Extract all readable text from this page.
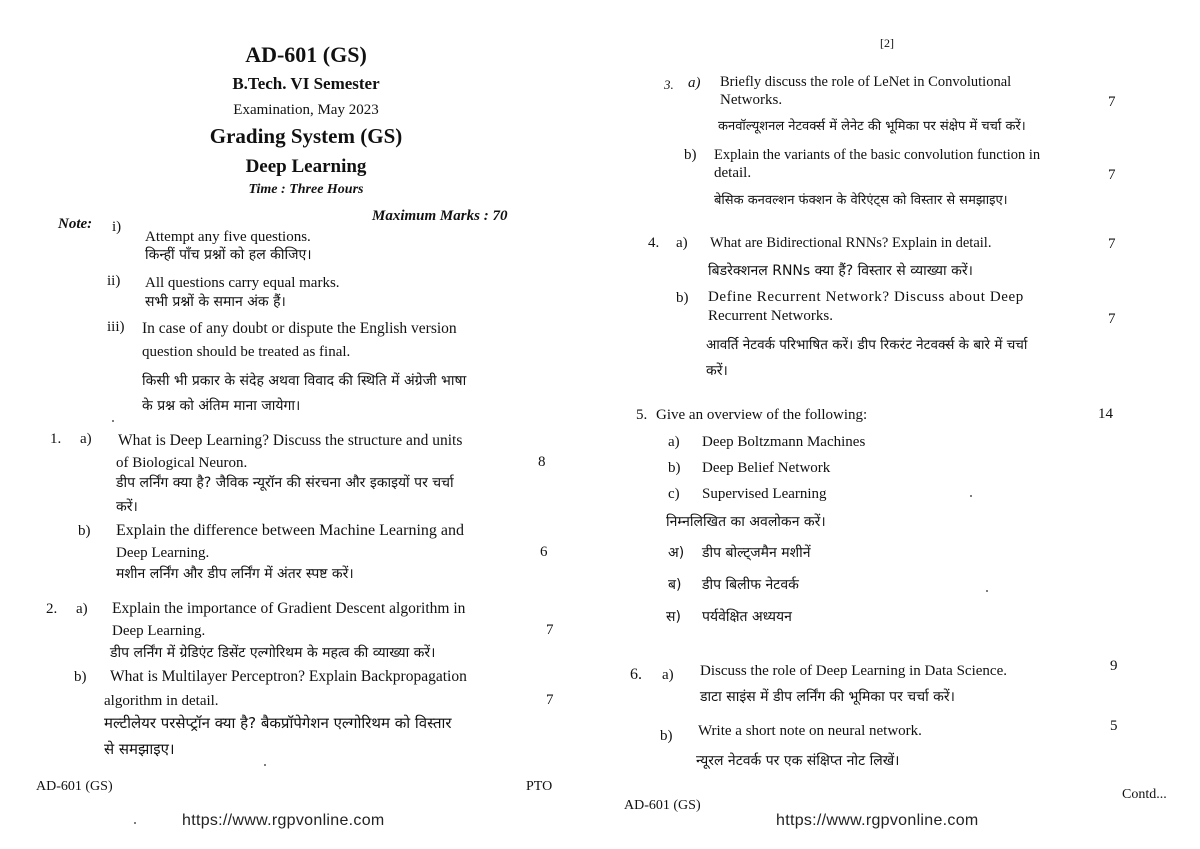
AD-601 (GS)
B.Tech. VI Semester
Examination, May 2023
Grading System (GS)
Deep Learning
Time : Three Hours
Maximum Marks : 70
Note: i)
Attempt any five questions.
किन्हीं पाँच प्रश्नों को हल कीजिए।
ii) All questions carry equal marks.
सभी प्रश्नों के समान अंक हैं।
iii) In case of any doubt or dispute the English version
question should be treated as final.
किसी भी प्रकार के संदेह अथवा विवाद की स्थिति में अंग्रेजी भाषा
के प्रश्न को अंतिम माना जायेगा।
1. a) What is Deep Learning? Discuss the structure and units
of Biological Neuron.	8
डीप लर्निंग क्या है? जैविक न्यूरॉन की संरचना और इकाइयों पर चर्चा
करें।
b) Explain the difference between Machine Learning and
Deep Learning.	6
मशीन लर्निंग और डीप लर्निंग में अंतर स्पष्ट करें।
2. a) Explain the importance of Gradient Descent algorithm in
Deep Learning.	7
डीप लर्निंग में ग्रेडिएंट डिसेंट एल्गोरिथम के महत्व की व्याख्या करें।
b) What is Multilayer Perceptron? Explain Backpropagation
algorithm in detail.	7
मल्टीलेयर परसेप्ट्रॉन क्या है? बैकप्रॉपेगेशन एल्गोरिथम को विस्तार
से समझाइए।
AD-601 (GS)	PTO
https://www.rgpvonline.com
[2]
3. a) Briefly discuss the role of LeNet in Convolutional
Networks.	7
कनवॉल्यूशनल नेटवर्क्स में लेनेट की भूमिका पर संक्षेप में चर्चा करें।
b) Explain the variants of the basic convolution function in
detail.	7
बेसिक कनवल्शन फंक्शन के वेरिएंट्स को विस्तार से समझाइए।
4. a) What are Bidirectional RNNs? Explain in detail.	7
बिडरेक्शनल RNNs क्या हैं? विस्तार से व्याख्या करें।
b) Define Recurrent Network? Discuss about Deep
Recurrent Networks.	7
आवर्ति नेटवर्क परिभाषित करें। डीप रिकरंट नेटवर्क्स के बारे में चर्चा
करें।
5. Give an overview of the following:	14
a) Deep Boltzmann Machines
b) Deep Belief Network
c) Supervised Learning
निम्नलिखित का अवलोकन करें।
अ) डीप बोल्ट्जमैन मशीनें
ब) डीप बिलीफ नेटवर्क
स) पर्यवेक्षित अध्ययन
6. a) Discuss the role of Deep Learning in Data Science.	9
डाटा साइंस में डीप लर्निंग की भूमिका पर चर्चा करें।
b) Write a short note on neural network.	5
न्यूरल नेटवर्क पर एक संक्षिप्त नोट लिखें।
Contd...
AD-601 (GS)
https://www.rgpvonline.com
